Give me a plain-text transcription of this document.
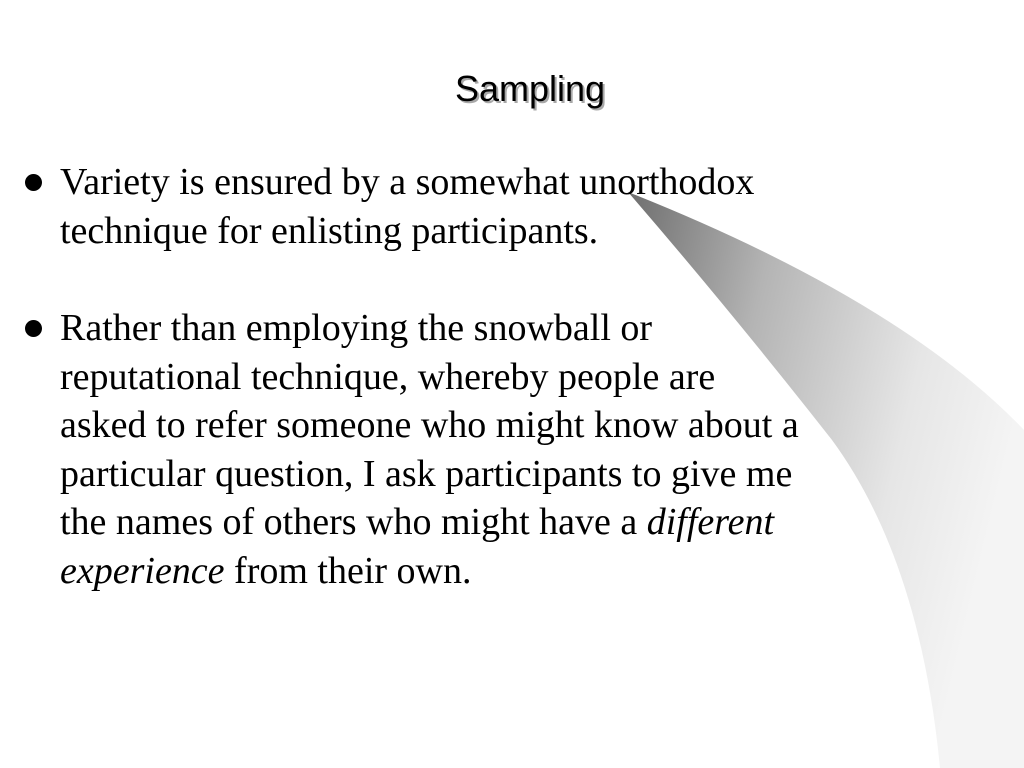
Sampling
Variety is ensured by a somewhat unorthodox technique for enlisting participants.
Rather than employing the snowball or reputational technique, whereby people are asked to refer someone who might know about a particular question, I ask participants to give me the names of others who might have a different experience from their own.
